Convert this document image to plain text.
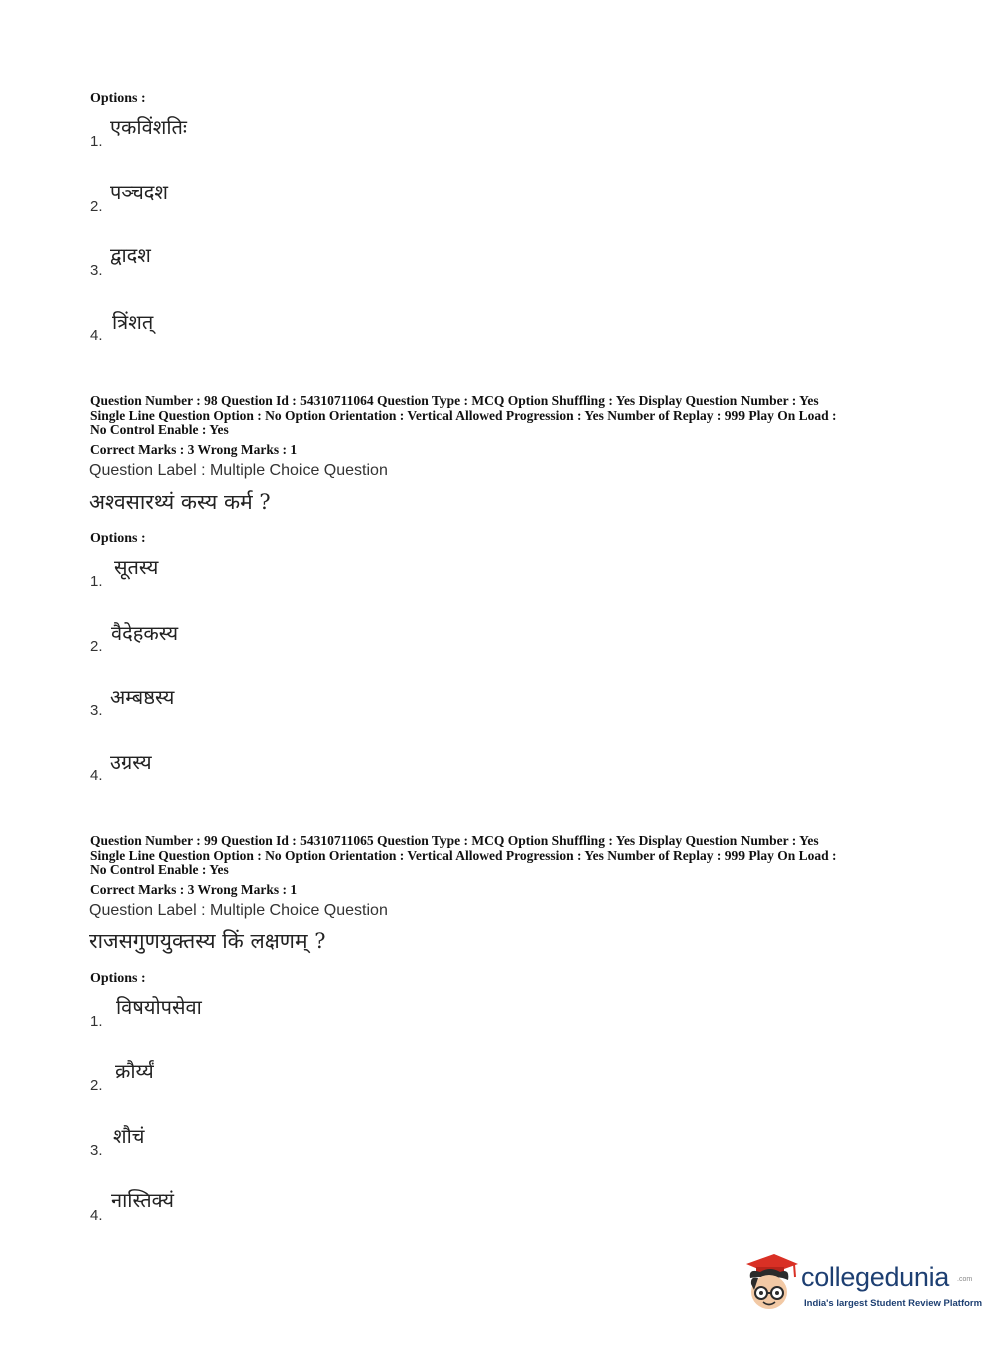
Options :
1.
एकविंशतिः
2.
पञ्चदश
3.
द्वादश
4.
त्रिंशत्
Question Number : 98 Question Id : 54310711064 Question Type : MCQ Option Shuffling : Yes Display Question Number : Yes
Single Line Question Option : No Option Orientation : Vertical Allowed Progression : Yes Number of Replay : 999 Play On Load :
No Control Enable : Yes
Correct Marks : 3 Wrong Marks : 1
Question Label : Multiple Choice Question
अश्वसारथ्यं कस्य कर्म ?
Options :
1.
सूतस्य
2.
वैदेहकस्य
3.
अम्बष्ठस्य
4.
उग्रस्य
Question Number : 99 Question Id : 54310711065 Question Type : MCQ Option Shuffling : Yes Display Question Number : Yes
Single Line Question Option : No Option Orientation : Vertical Allowed Progression : Yes Number of Replay : 999 Play On Load :
No Control Enable : Yes
Correct Marks : 3 Wrong Marks : 1
Question Label : Multiple Choice Question
राजसगुणयुक्तस्य किं लक्षणम् ?
Options :
1.
विषयोपसेवा
2.
क्रौर्य्यं
3.
शौचं
4.
नास्तिक्यं
collegedunia .com
India's largest Student Review Platform
